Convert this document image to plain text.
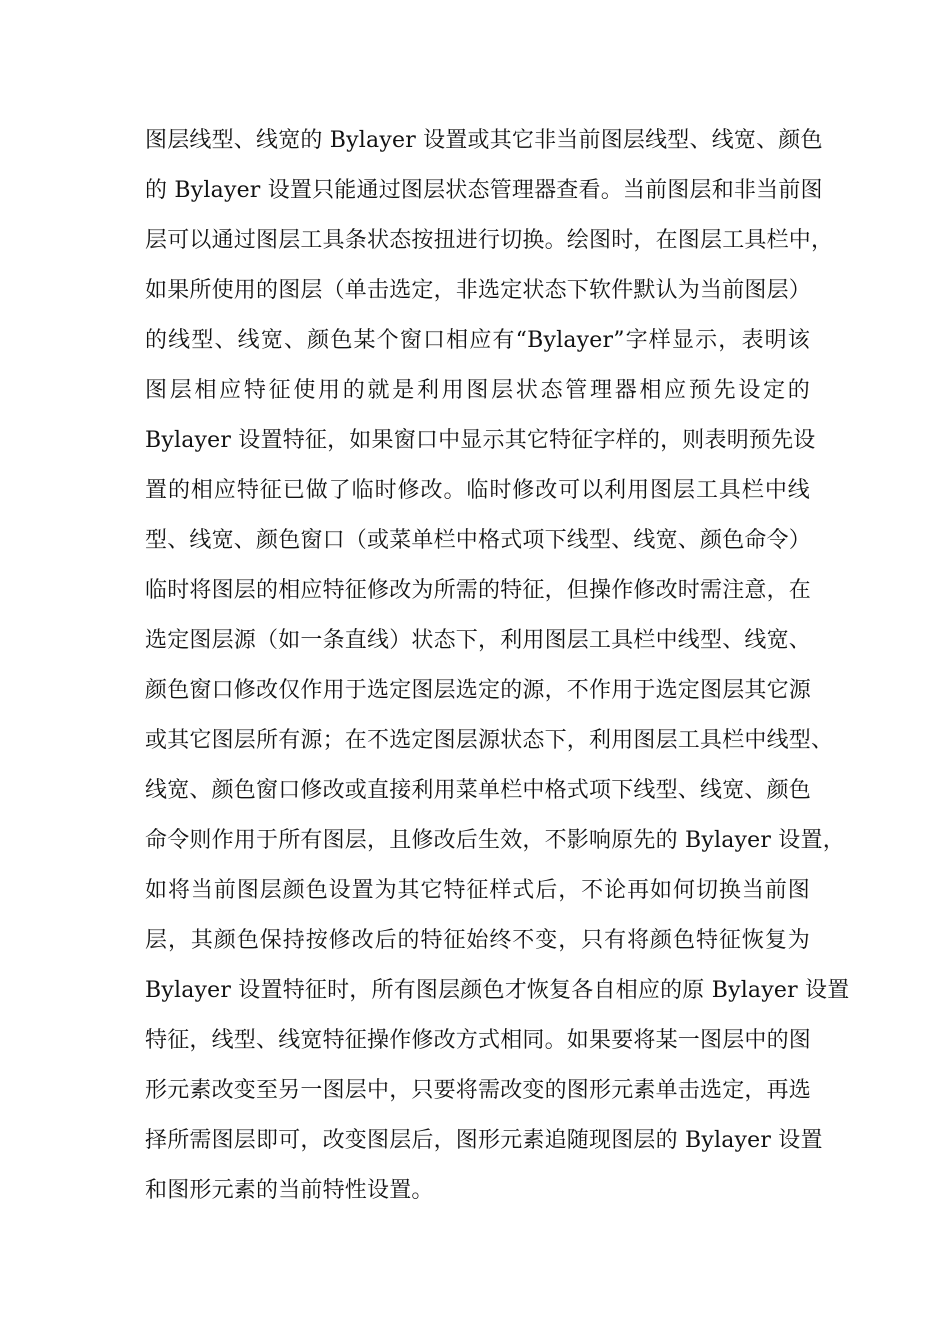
图层线型、线宽的 Bylayer 设置或其它非当前图层线型、线宽、颜色
的 Bylayer 设置只能通过图层状态管理器查看。当前图层和非当前图
层可以通过图层工具条状态按扭进行切换。绘图时，在图层工具栏中，
如果所使用的图层（单击选定，非选定状态下软件默认为当前图层）
的线型、线宽、颜色某个窗口相应有“Bylayer”字样显示，表明该
图层相应特征使用的就是利用图层状态管理器相应预先设定的
Bylayer 设置特征，如果窗口中显示其它特征字样的，则表明预先设
置的相应特征已做了临时修改。临时修改可以利用图层工具栏中线
型、线宽、颜色窗口（或菜单栏中格式项下线型、线宽、颜色命令）
临时将图层的相应特征修改为所需的特征，但操作修改时需注意，在
选定图层源（如一条直线）状态下，利用图层工具栏中线型、线宽、
颜色窗口修改仅作用于选定图层选定的源，不作用于选定图层其它源
或其它图层所有源；在不选定图层源状态下，利用图层工具栏中线型、
线宽、颜色窗口修改或直接利用菜单栏中格式项下线型、线宽、颜色
命令则作用于所有图层，且修改后生效，不影响原先的 Bylayer 设置，
如将当前图层颜色设置为其它特征样式后，不论再如何切换当前图
层，其颜色保持按修改后的特征始终不变，只有将颜色特征恢复为
Bylayer 设置特征时，所有图层颜色才恢复各自相应的原 Bylayer 设置
特征，线型、线宽特征操作修改方式相同。如果要将某一图层中的图
形元素改变至另一图层中，只要将需改变的图形元素单击选定，再选
择所需图层即可，改变图层后，图形元素追随现图层的 Bylayer 设置
和图形元素的当前特性设置。
